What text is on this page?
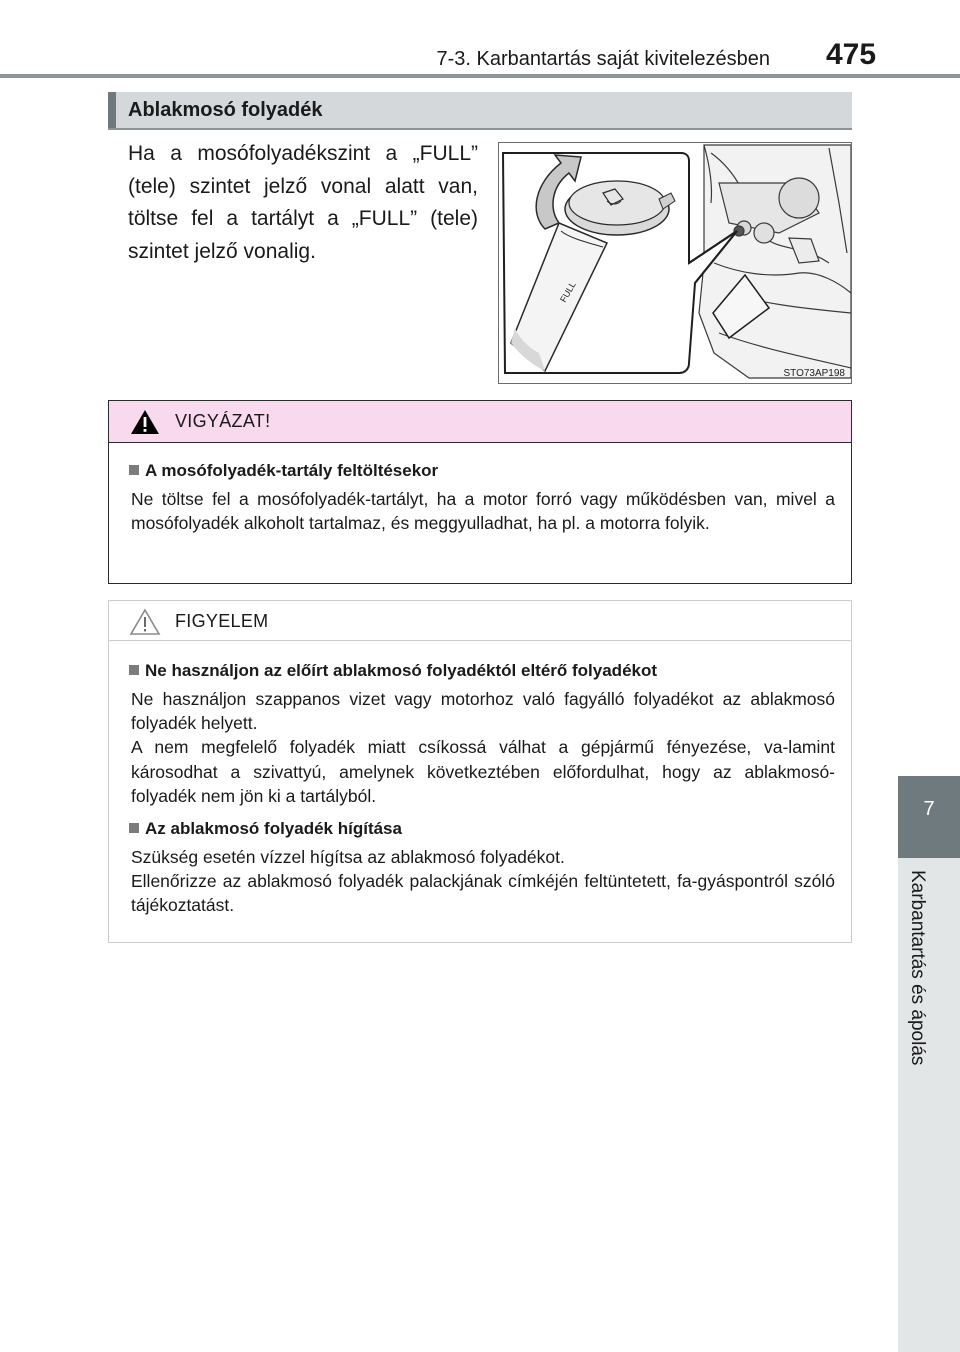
7-3. Karbantartás saját kivitelezésben 475
7
Karbantartás és ápolás
Ablakmosó folyadék
Ha a mosófolyadékszint a „FULL” (tele) szintet jelző vonal alatt van, töltse fel a tartályt a „FULL” (tele) szintet jelző vonalig.
FULL
STO73AP198
VIGYÁZAT!
A mosófolyadék-tartály feltöltésekor

Ne töltse fel a mosófolyadék-tartályt, ha a motor forró vagy működésben van, mivel a mosófolyadék alkoholt tartalmaz, és meggyulladhat, ha pl. a motorra folyik.

FIGYELEM
Ne használjon az előírt ablakmosó folyadéktól eltérő folyadékot

Ne használjon szappanos vizet vagy motorhoz való fagyálló folyadékot az ablakmosó folyadék helyett.

A nem megfelelő folyadék miatt csíkossá válhat a gépjármű fényezése, va-lamint károsodhat a szivattyú, amelynek következtében előfordulhat, hogy az ablakmosó-folyadék nem jön ki a tartályból.

Az ablakmosó folyadék hígítása

Szükség esetén vízzel hígítsa az ablakmosó folyadékot.

Ellenőrizze az ablakmosó folyadék palackjának címkéjén feltüntetett, fa-gyáspontról szóló tájékoztatást.
